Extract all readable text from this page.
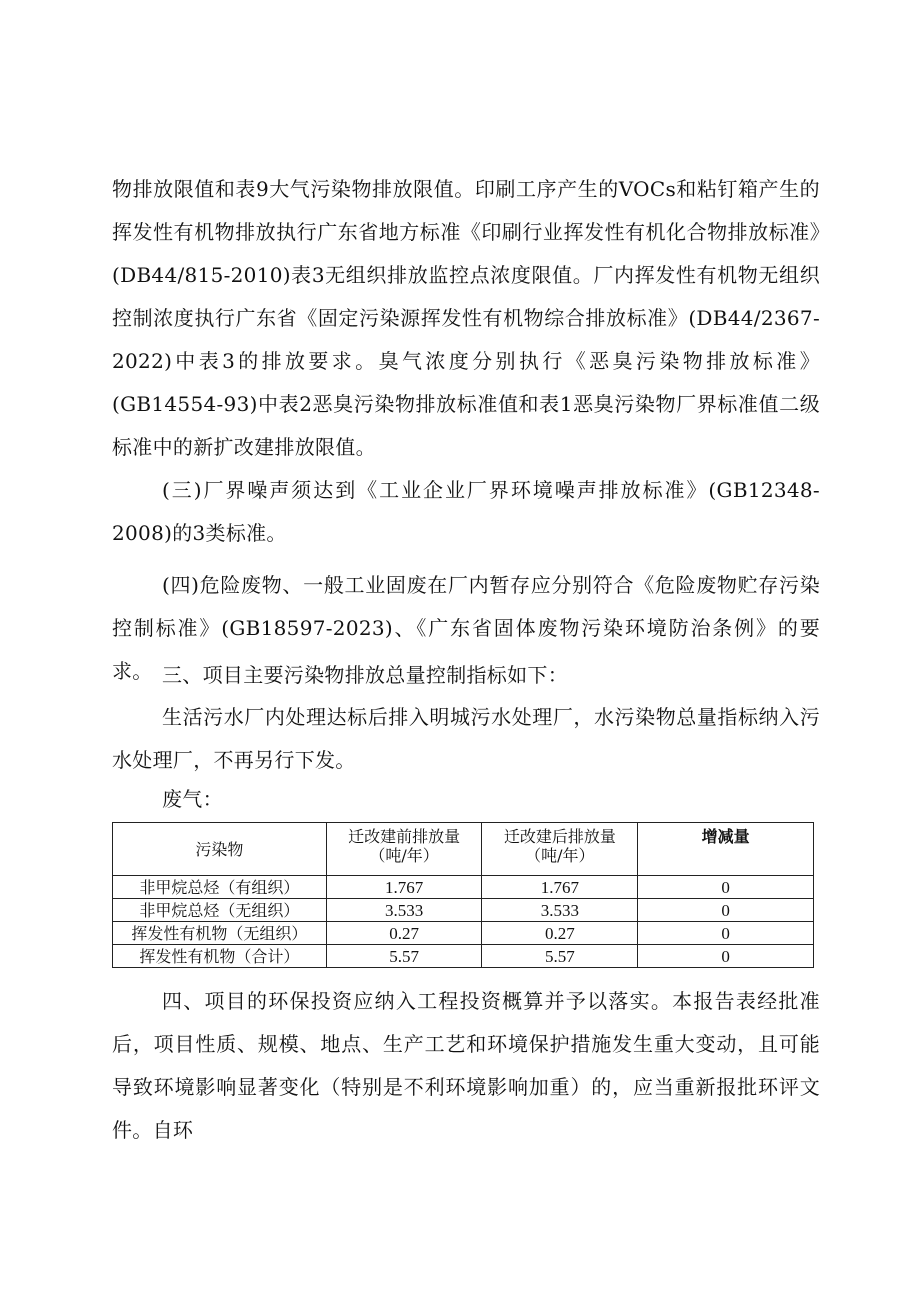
物排放限值和表9大气污染物排放限值。印刷工序产生的VOCs和粘钉箱产生的挥发性有机物排放执行广东省地方标准《印刷行业挥发性有机化合物排放标准》(DB44/815-2010)表3无组织排放监控点浓度限值。厂内挥发性有机物无组织控制浓度执行广东省《固定污染源挥发性有机物综合排放标准》(DB44/2367-2022)中表3的排放要求。臭气浓度分别执行《恶臭污染物排放标准》(GB14554-93)中表2恶臭污染物排放标准值和表1恶臭污染物厂界标准值二级标准中的新扩改建排放限值。

(三)厂界噪声须达到《工业企业厂界环境噪声排放标准》(GB12348-2008)的3类标准。

(四)危险废物、一般工业固废在厂内暂存应分别符合《危险废物贮存污染控制标准》(GB18597-2023)、《广东省固体废物污染环境防治条例》的要求。 三、项目主要污染物排放总量控制指标如下：

生活污水厂内处理达标后排入明城污水处理厂，水污染物总量指标纳入污水处理厂，不再另行下发。

废气：

污染物	迁改建前排放量（吨/年）	迁改建后排放量（吨/年）	增减量
非甲烷总烃（有组织）	1.767	1.767	0
非甲烷总烃（无组织）	3.533	3.533	0
挥发性有机物（无组织）	0.27	0.27	0
挥发性有机物（合计）	5.57	5.57	0

四、项目的环保投资应纳入工程投资概算并予以落实。本报告表经批准后，项目性质、规模、地点、生产工艺和环境保护措施发生重大变动，且可能导致环境影响显著变化（特别是不利环境影响加重）的，应当重新报批环评文件。自环
